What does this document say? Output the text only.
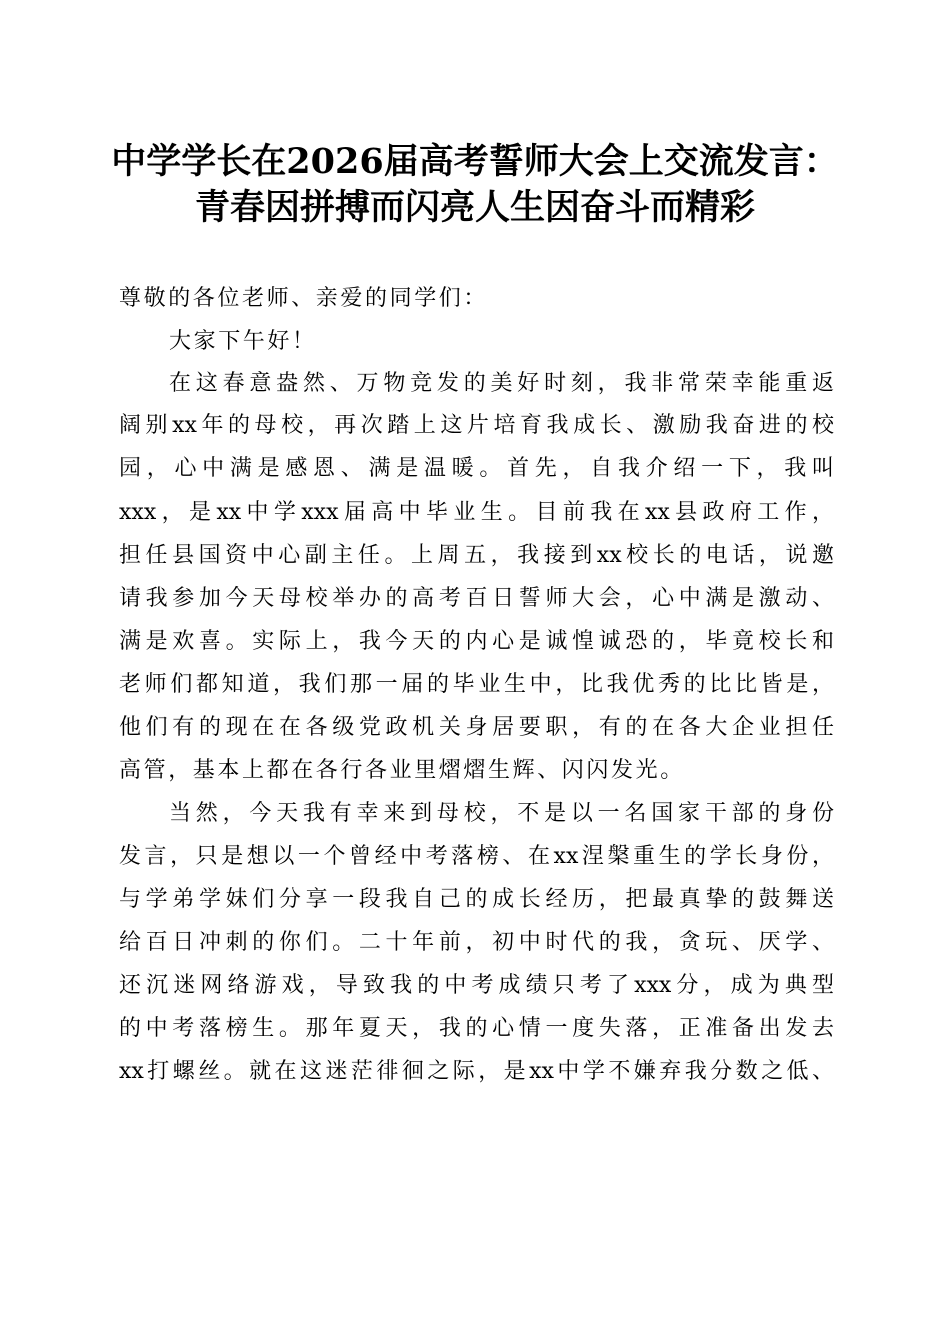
中学学长在2026届高考誓师大会上交流发言：
青春因拼搏而闪亮人生因奋斗而精彩
尊敬的各位老师、亲爱的同学们：
大家下午好！
在这春意盎然、万物竞发的美好时刻，我非常荣幸能重返
阔别xx年的母校，再次踏上这片培育我成长、激励我奋进的校
园，心中满是感恩、满是温暖。首先，自我介绍一下，我叫
xxx，是xx中学xxx届高中毕业生。目前我在xx县政府工作，
担任县国资中心副主任。上周五，我接到xx校长的电话，说邀
请我参加今天母校举办的高考百日誓师大会，心中满是激动、
满是欢喜。实际上，我今天的内心是诚惶诚恐的，毕竟校长和
老师们都知道，我们那一届的毕业生中，比我优秀的比比皆是，
他们有的现在在各级党政机关身居要职，有的在各大企业担任
高管，基本上都在各行各业里熠熠生辉、闪闪发光。
当然，今天我有幸来到母校，不是以一名国家干部的身份
发言，只是想以一个曾经中考落榜、在xx涅槃重生的学长身份，
与学弟学妹们分享一段我自己的成长经历，把最真挚的鼓舞送
给百日冲刺的你们。二十年前，初中时代的我，贪玩、厌学、
还沉迷网络游戏，导致我的中考成绩只考了xxx分，成为典型
的中考落榜生。那年夏天，我的心情一度失落，正准备出发去
xx打螺丝。就在这迷茫徘徊之际，是xx中学不嫌弃我分数之低、
